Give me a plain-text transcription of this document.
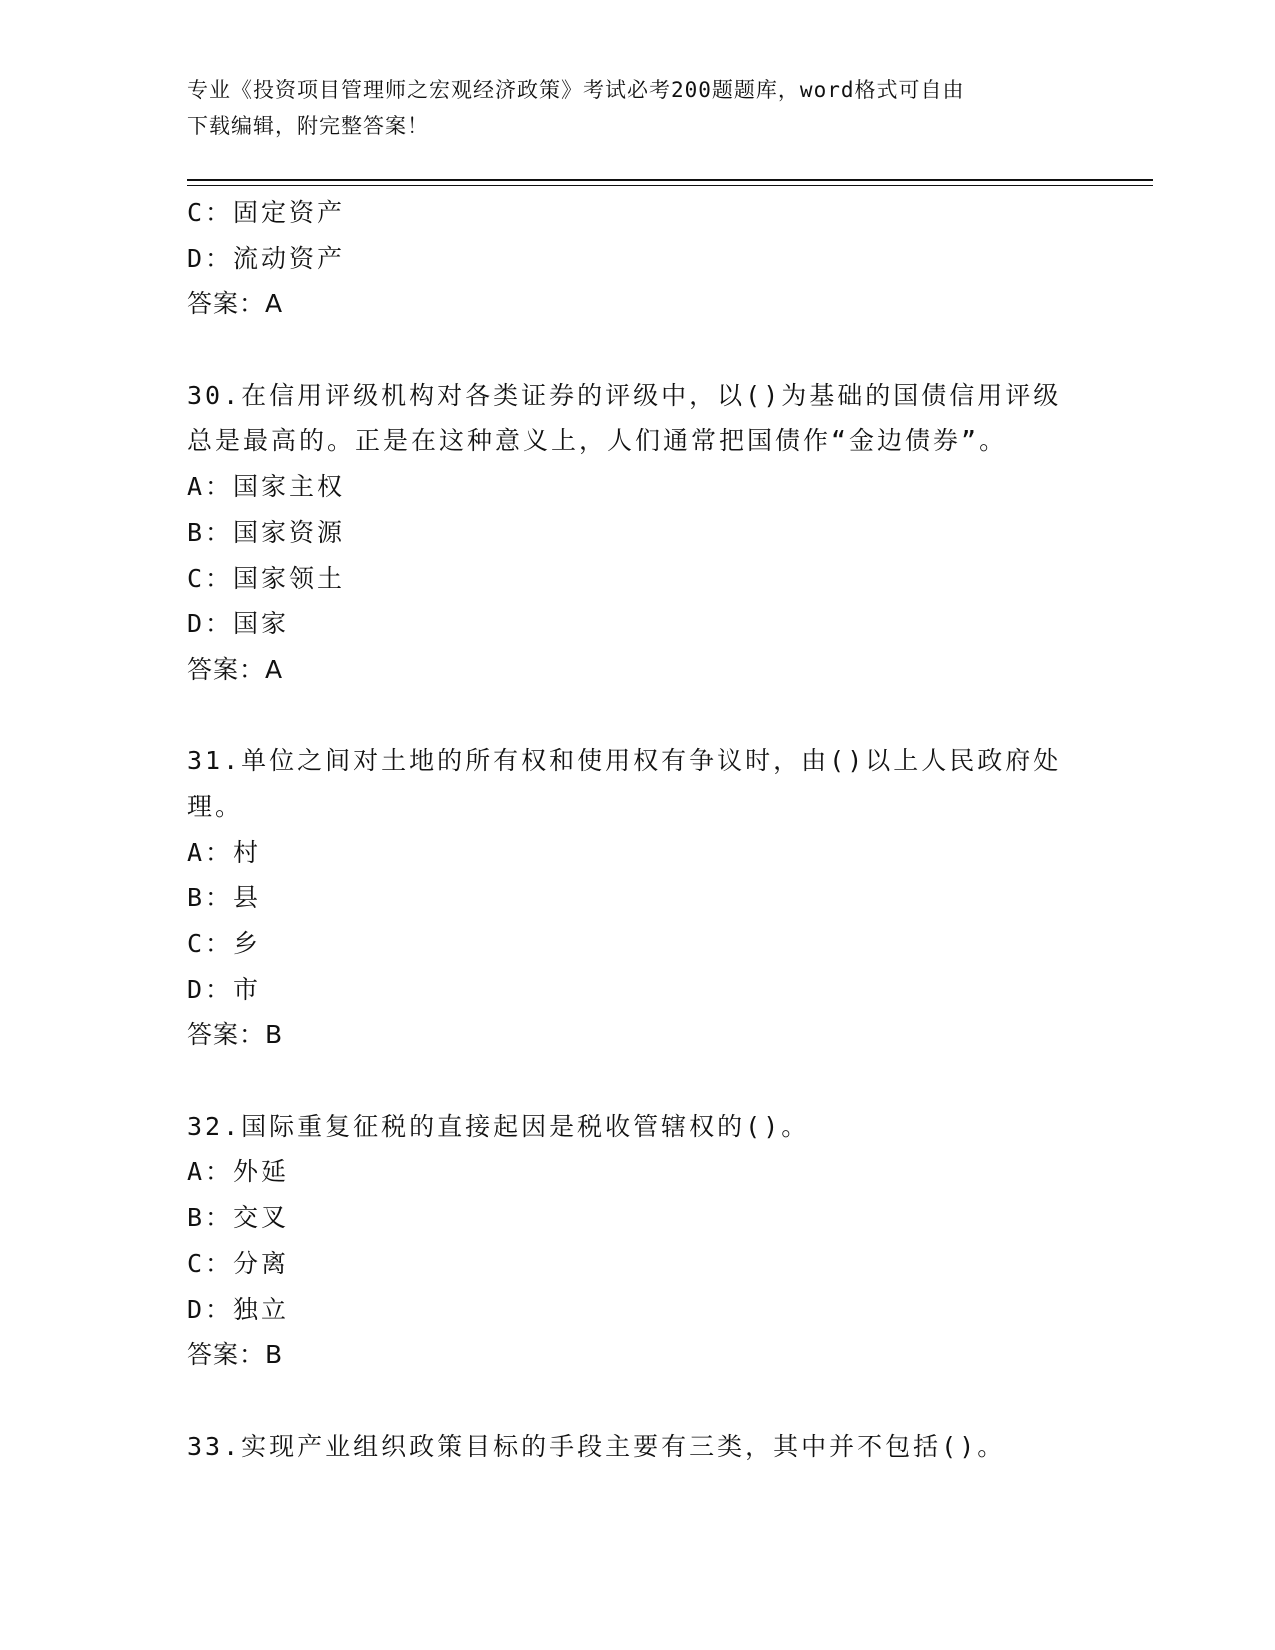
专业《投资项目管理师之宏观经济政策》考试必考200题题库，word格式可自由
下载编辑，附完整答案！
C：固定资产
D：流动资产
答案：A
30.在信用评级机构对各类证券的评级中，以()为基础的国债信用评级
总是最高的。正是在这种意义上，人们通常把国债作“金边债券”。
A：国家主权
B：国家资源
C：国家领土
D：国家
答案：A
31.单位之间对土地的所有权和使用权有争议时，由()以上人民政府处
理。
A：村
B：县
C：乡
D：市
答案：B
32.国际重复征税的直接起因是税收管辖权的()。
A：外延
B：交叉
C：分离
D：独立
答案：B
33.实现产业组织政策目标的手段主要有三类，其中并不包括()。
